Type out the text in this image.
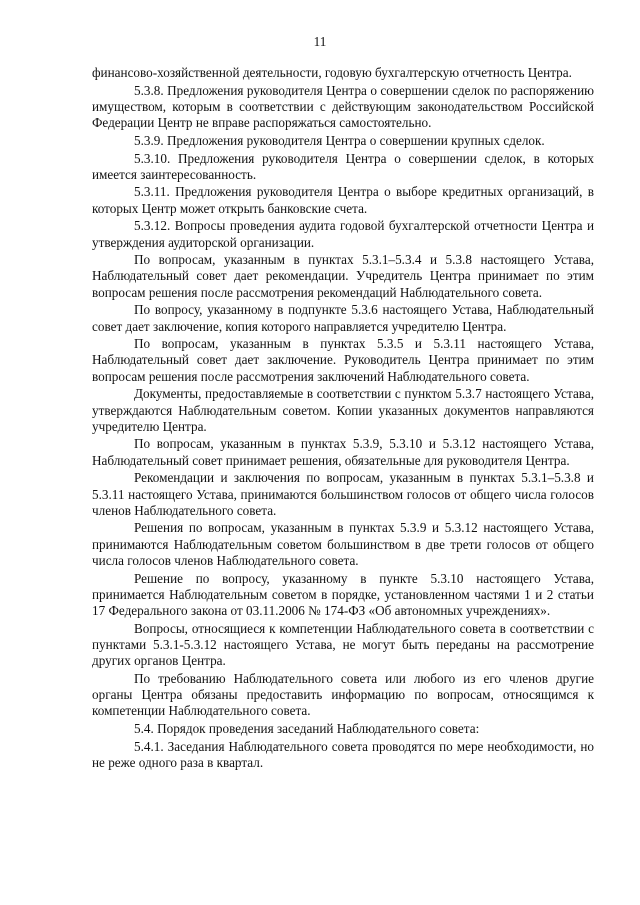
11

финансово-хозяйственной деятельности, годовую бухгалтерскую отчетность Центра.

5.3.8. Предложения руководителя Центра о совершении сделок по распоряжению имуществом, которым в соответствии с действующим законодательством Российской Федерации Центр не вправе распоряжаться самостоятельно.

5.3.9. Предложения руководителя Центра о совершении крупных сделок.

5.3.10. Предложения руководителя Центра о совершении сделок, в которых имеется заинтересованность.

5.3.11. Предложения руководителя Центра о выборе кредитных организаций, в которых Центр может открыть банковские счета.

5.3.12. Вопросы проведения аудита годовой бухгалтерской отчетности Центра и утверждения аудиторской организации.

По вопросам, указанным в пунктах 5.3.1–5.3.4 и 5.3.8 настоящего Устава, Наблюдательный совет дает рекомендации. Учредитель Центра принимает по этим вопросам решения после рассмотрения рекомендаций Наблюдательного совета.

По вопросу, указанному в подпункте 5.3.6 настоящего Устава, Наблюдательный совет дает заключение, копия которого направляется учредителю Центра.

По вопросам, указанным в пунктах 5.3.5 и 5.3.11 настоящего Устава, Наблюдательный совет дает заключение. Руководитель Центра принимает по этим вопросам решения после рассмотрения заключений Наблюдательного совета.

Документы, предоставляемые в соответствии с пунктом 5.3.7 настоящего Устава, утверждаются Наблюдательным советом. Копии указанных документов направляются учредителю Центра.

По вопросам, указанным в пунктах 5.3.9, 5.3.10 и 5.3.12 настоящего Устава, Наблюдательный совет принимает решения, обязательные для руководителя Центра.

Рекомендации и заключения по вопросам, указанным в пунктах 5.3.1–5.3.8 и 5.3.11 настоящего Устава, принимаются большинством голосов от общего числа голосов членов Наблюдательного совета.

Решения по вопросам, указанным в пунктах 5.3.9 и 5.3.12 настоящего Устава, принимаются Наблюдательным советом большинством в две трети голосов от общего числа голосов членов Наблюдательного совета.

Решение по вопросу, указанному в пункте 5.3.10 настоящего Устава, принимается Наблюдательным советом в порядке, установленном частями 1 и 2 статьи 17 Федерального закона от 03.11.2006 № 174-ФЗ «Об автономных учреждениях».

Вопросы, относящиеся к компетенции Наблюдательного совета в соответствии с пунктами 5.3.1-5.3.12 настоящего Устава, не могут быть переданы на рассмотрение других органов Центра.

По требованию Наблюдательного совета или любого из его членов другие органы Центра обязаны предоставить информацию по вопросам, относящимся к компетенции Наблюдательного совета.

5.4. Порядок проведения заседаний Наблюдательного совета:

5.4.1. Заседания Наблюдательного совета проводятся по мере необходимости, но не реже одного раза в квартал.
